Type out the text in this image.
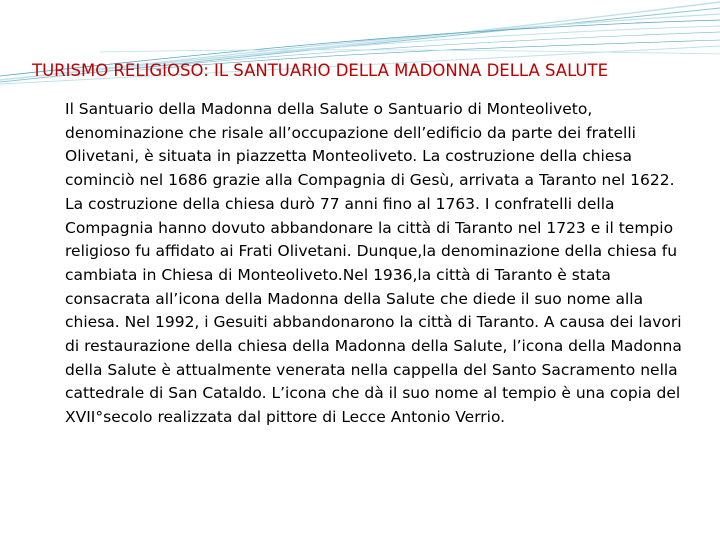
TURISMO RELIGIOSO: IL SANTUARIO DELLA MADONNA DELLA SALUTE

Il Santuario della Madonna della Salute o Santuario di Monteoliveto, denominazione che risale all’occupazione dell’edificio da parte dei fratelli Olivetani, è situata in piazzetta Monteoliveto. La costruzione della chiesa cominciò nel 1686 grazie alla Compagnia di Gesù, arrivata a Taranto nel 1622. La costruzione della chiesa durò 77 anni fino al 1763. I confratelli della Compagnia hanno dovuto abbandonare la città di Taranto nel 1723 e il tempio religioso fu affidato ai Frati Olivetani. Dunque,la denominazione della chiesa fu cambiata in Chiesa di Monteoliveto.Nel 1936,la città di Taranto è stata consacrata all’icona della Madonna della Salute che diede il suo nome alla chiesa. Nel 1992, i Gesuiti abbandonarono la città di Taranto. A causa dei lavori di restaurazione della chiesa della Madonna della Salute, l’icona della Madonna della Salute è attualmente venerata nella cappella del Santo Sacramento nella cattedrale di San Cataldo. L’icona che dà il suo nome al tempio è una copia del XVII°secolo realizzata dal pittore di Lecce Antonio Verrio.
